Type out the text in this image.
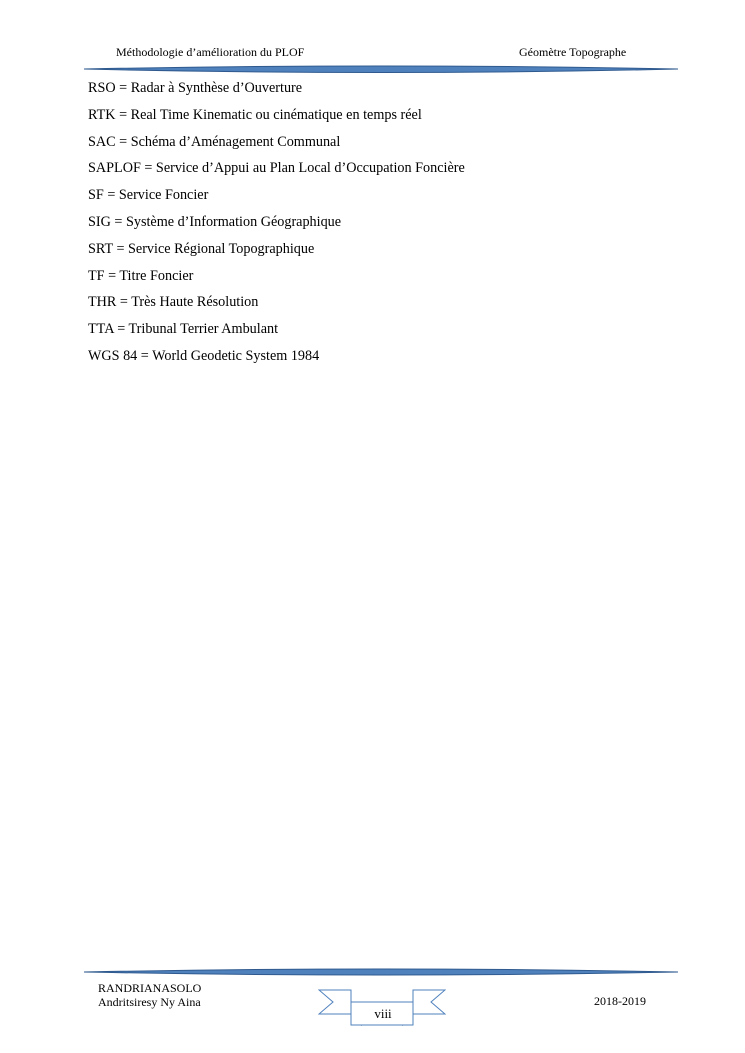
Méthodologie d’amélioration du PLOF	Géomètre Topographe
RSO = Radar à Synthèse d’Ouverture
RTK = Real Time Kinematic ou cinématique en temps réel
SAC = Schéma d’Aménagement Communal
SAPLOF = Service d’Appui au Plan Local d’Occupation Foncière
SF = Service Foncier
SIG = Système d’Information Géographique
SRT = Service Régional Topographique
TF = Titre Foncier
THR = Très Haute Résolution
TTA = Tribunal Terrier Ambulant
WGS 84 = World Geodetic System 1984
RANDRIANASOLO
Andritsiresy Ny Aina	2018-2019
viii
